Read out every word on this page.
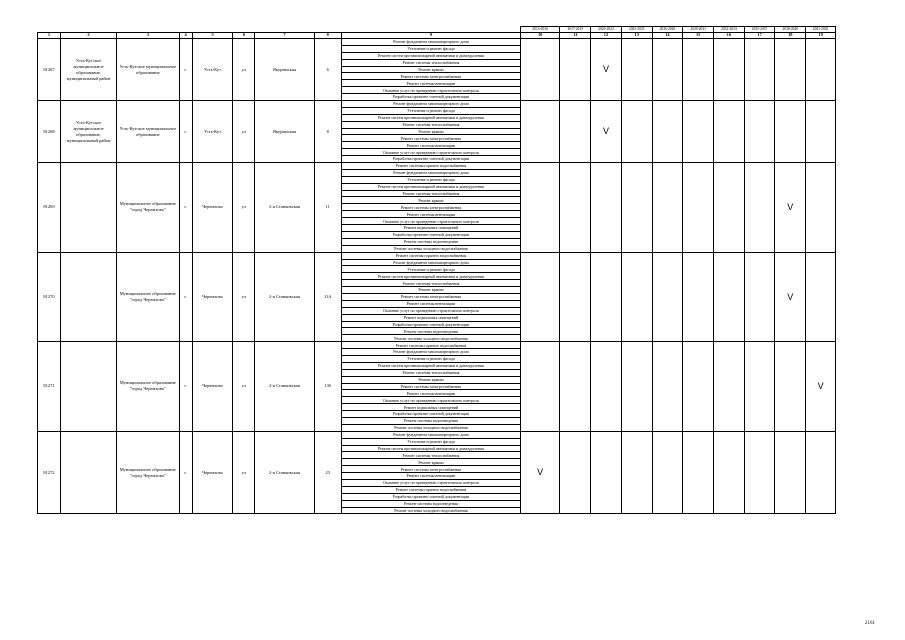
									2014-2016	2017-2019	2020-2022	2023-2025	2026-2028	2029-2031	2032-2034	2035-2037	2038-2040	2041-2043
1	2	3	4	5	6	7	8	9	10	11	12	13	14	15	16	17	18	19
81267	Усть-Кутское муниципальное образование, муниципальный район	Усть-Кутское муниципальное образование	г.	Усть-Кут	ул	Якуримская	6	Ремонт фундамента многоквартирного дома			V							
								Утепление и ремонт фасада										
								Ремонт систем противопожарной автоматики и дымоудаления										
								Ремонт системы теплоснабжения										
								Ремонт крыши										
								Ремонт системы электроснабжения										
								Ремонт системы вентиляции										
								Оказание услуг по проведению строительного контроля										
								Разработка проектно-сметной документации										
81268	Усть-Кутское муниципальное образование, муниципальный район	Усть-Кутское муниципальное образование	г.	Усть-Кут	ул	Якуримская	8	Ремонт фундамента многоквартирного дома			V							
								Утепление и ремонт фасада										
								Ремонт систем противопожарной автоматики и дымоудаления										
								Ремонт системы теплоснабжения										
								Ремонт крыши										
								Ремонт системы электроснабжения										
								Ремонт системы вентиляции										
								Оказание услуг по проведению строительного контроля										
								Разработка проектно-сметной документации										
81269		Муниципальное образование "город Черемхово"	г.	Черемхово	ул	2-я Станковская	11	Ремонт системы горячего водоснабжения									V	
								Ремонт фундамента многоквартирного дома										
								Утепление и ремонт фасада										
								Ремонт систем противопожарной автоматики и дымоудаления										
								Ремонт системы теплоснабжения										
								Ремонт крыши										
								Ремонт системы электроснабжения										
								Ремонт системы вентиляции										
								Оказание услуг по проведению строительного контроля										
								Ремонт подвальных помещений										
								Разработка проектно-сметной документации										
								Ремонт системы водоотведения										
								Ремонт системы холодного водоснабжения										
81270		Муниципальное образование "город Черемхово"	г.	Черемхово	ул	2-я Станковская	11А	Ремонт системы горячего водоснабжения									V	
								Ремонт фундамента многоквартирного дома										
								Утепление и ремонт фасада										
								Ремонт систем противопожарной автоматики и дымоудаления										
								Ремонт системы теплоснабжения										
								Ремонт крыши										
								Ремонт системы электроснабжения										
								Ремонт системы вентиляции										
								Оказание услуг по проведению строительного контроля										
								Ремонт подвальных помещений										
								Разработка проектно-сметной документации										
								Ремонт системы водоотведения										
								Ремонт системы холодного водоснабжения										
81271		Муниципальное образование "город Черемхово"	г.	Черемхово	ул	2-я Станковская	13б	Ремонт системы горячего водоснабжения										V
								Ремонт фундамента многоквартирного дома										
								Утепление и ремонт фасада										
								Ремонт систем противопожарной автоматики и дымоудаления										
								Ремонт системы теплоснабжения										
								Ремонт крыши										
								Ремонт системы электроснабжения										
								Ремонт системы вентиляции										
								Оказание услуг по проведению строительного контроля										
								Ремонт подвальных помещений										
								Разработка проектно-сметной документации										
								Ремонт системы водоотведения										
								Ремонт системы холодного водоснабжения										
81272		Муниципальное образование "город Черемхово"	г.	Черемхово	ул	2-я Станковская	23	Ремонт фундамента многоквартирного дома	V									
								Утепление и ремонт фасада										
								Ремонт систем противопожарной автоматики и дымоудаления										
								Ремонт системы теплоснабжения										
								Ремонт крыши										
								Ремонт системы электроснабжения										
								Ремонт системы вентиляции										
								Оказание услуг по проведению строительного контроля										
								Ремонт системы горячего водоснабжения										
								Разработка проектно-сметной документации										
								Ремонт системы водоотведения										
								Ремонт системы холодного водоснабжения										
2161
